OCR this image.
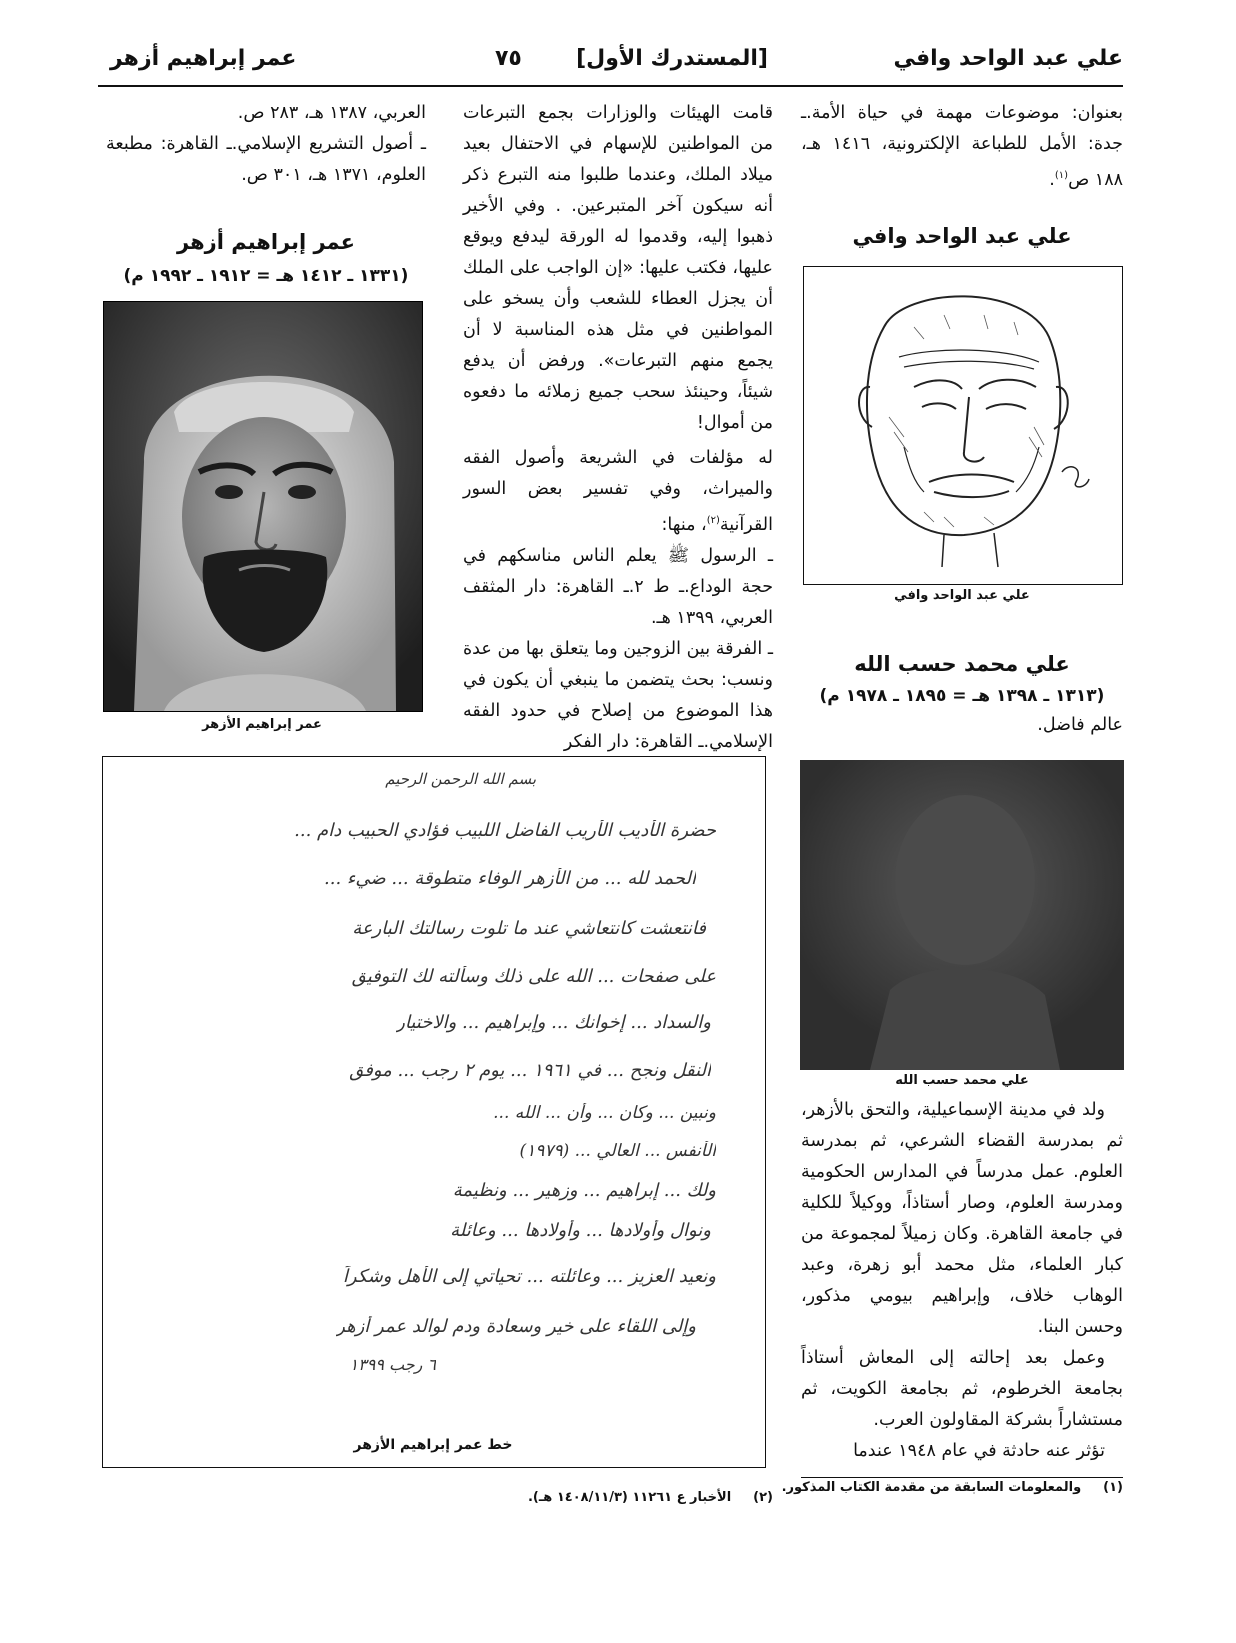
علي عبد الواحد وافي
[المستدرك الأول]
٧٥
عمر إبراهيم أزهر

بعنوان: موضوعات مهمة في حياة الأمة.ـ جدة: الأمل للطباعة الإلكترونية، ١٤١٦ هـ، ١٨٨ ص$^{(١)}$.

علي عبد الواحد وافي
علي عبد الواحد وافي
علي محمد حسب الله
(١٣١٣ ـ ١٣٩٨ هـ = ١٨٩٥ ـ ١٩٧٨ م)

عالم فاضل.

علي محمد حسب الله

ولد في مدينة الإسماعيلية، والتحق بالأزهر، ثم بمدرسة القضاء الشرعي، ثم بمدرسة العلوم. عمل مدرساً في المدارس الحكومية ومدرسة العلوم، وصار أستاذاً، ووكيلاً للكلية في جامعة القاهرة. وكان زميلاً لمجموعة من كبار العلماء، مثل محمد أبو زهرة، وعبد الوهاب خلاف، وإبراهيم بيومي مذكور، وحسن البنا.

وعمل بعد إحالته إلى المعاش أستاذاً بجامعة الخرطوم، ثم بجامعة الكويت، ثم مستشاراً بشركة المقاولون العرب.

تؤثر عنه حادثة في عام ١٩٤٨ عندما

قامت الهيئات والوزارات بجمع التبرعات من المواطنين للإسهام في الاحتفال بعيد ميلاد الملك، وعندما طلبوا منه التبرع ذكر أنه سيكون آخر المتبرعين. . وفي الأخير ذهبوا إليه، وقدموا له الورقة ليدفع ويوقع عليها، فكتب عليها: «إن الواجب على الملك أن يجزل العطاء للشعب وأن يسخو على المواطنين في مثل هذه المناسبة لا أن يجمع منهم التبرعات». ورفض أن يدفع شيئاً، وحينئذ سحب جميع زملائه ما دفعوه من أموال!

له مؤلفات في الشريعة وأصول الفقه والميراث، وفي تفسير بعض السور القرآنية$^{(٢)}$، منها:

ـ الرسول ﷺ يعلم الناس مناسكهم في حجة الوداع.ـ ط ٢.ـ القاهرة: دار المثقف العربي، ١٣٩٩ هـ.

ـ الفرقة بين الزوجين وما يتعلق بها من عدة ونسب: بحث يتضمن ما ينبغي أن يكون في هذا الموضوع من إصلاح في حدود الفقه الإسلامي.ـ القاهرة: دار الفكر

العربي، ١٣٨٧ هـ، ٢٨٣ ص.

ـ أصول التشريع الإسلامي.ـ القاهرة: مطبعة العلوم، ١٣٧١ هـ، ٣٠١ ص.

عمر إبراهيم أزهر
(١٣٣١ ـ ١٤١٢ هـ = ١٩١٢ ـ ١٩٩٢ م)
عمر إبراهيم الأزهر
بسم الله الرحمن الرحيم
حضرة الأديب الأريب الفاضل اللبيب فؤادي الحبيب دام ...
الحمد لله ... من الأزهر الوفاء متطوقة ... ضيء ...
فانتعشت كانتعاشي عند ما تلوت رسالتك البارعة
على صفحات ... الله على ذلك وسألته لك التوفيق
والسداد ... إخوانك ... وإبراهيم ... والاختيار
النقل ونجح ... في ١٩٦١ ... يوم ٢ رجب ... موفق
ونبين ... وكان ... وأن ... الله ...
الأنفس ... العالي ... (١٩٧٩)
ولك ... إبراهيم ... وزهير ... ونظيمة
ونوال وأولادها ... وأولادها ... وعائلة
ونعيد العزيز ... وعائلته ... تحياتي إلى الأهل وشكراً
وإلى اللقاء على خير وسعادة ودم لوالد عمر أزهر
٦ رجب ١٣٩٩
خط عمر إبراهيم الأزهر
(٢)الأخبار ع ١١٢٦١ (١٤٠٨/١١/٣ هـ).
(١)والمعلومات السابقة من مقدمة الكتاب المذكور.
